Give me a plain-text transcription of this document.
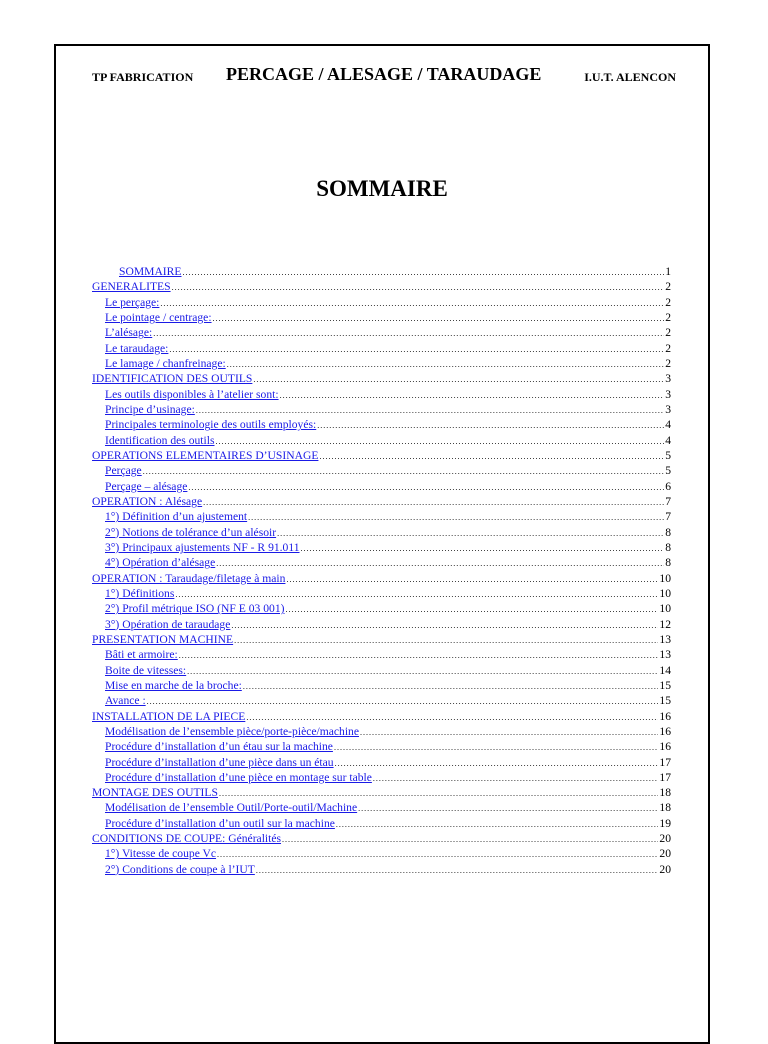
TP FABRICATION PERCAGE / ALESAGE / TARAUDAGE	I.U.T. ALENCON
SOMMAIRE
SOMMAIRE .....	1
GENERALITES .....	2
Le perçage: .....	2
Le pointage / centrage: .....	2
L’alésage: .....	2
Le taraudage: .....	2
Le lamage / chanfreinage: .....	2
IDENTIFICATION DES OUTILS .....	3
Les outils disponibles à l’atelier sont: .....	3
Principe d’usinage: .....	3
Principales terminologie des outils employés: .....	4
Identification des outils .....	4
OPERATIONS ELEMENTAIRES D’USINAGE .....	5
Perçage .....	5
Perçage – alésage .....	6
OPERATION : Alésage .....	7
1°) Définition d’un ajustement .....	7
2°) Notions de tolérance d’un alésoir .....	8
3°) Principaux ajustements NF - R 91.011 .....	8
4°) Opération d’alésage .....	8
OPERATION : Taraudage/filetage à main .....	10
1°) Définitions .....	10
2°) Profil métrique ISO (NF E 03 001) .....	10
3°) Opération de taraudage .....	12
PRESENTATION MACHINE .....	13
Bâti et armoire: .....	13
Boite de vitesses: .....	14
Mise en marche de la broche: .....	15
Avance : .....	15
INSTALLATION DE LA PIECE .....	16
Modélisation de l’ensemble pièce/porte-pièce/machine .....	16
Procédure d’installation d’un étau sur la machine .....	16
Procédure d’installation d’une pièce dans un étau .....	17
Procédure d’installation d’une pièce en montage sur table .....	17
MONTAGE DES OUTILS .....	18
Modélisation de l’ensemble Outil/Porte-outil/Machine .....	18
Procédure d’installation d’un outil sur la machine .....	19
CONDITIONS DE COUPE: Généralités .....	20
1°) Vitesse de coupe Vc .....	20
2°) Conditions de coupe à l’IUT .....	20
